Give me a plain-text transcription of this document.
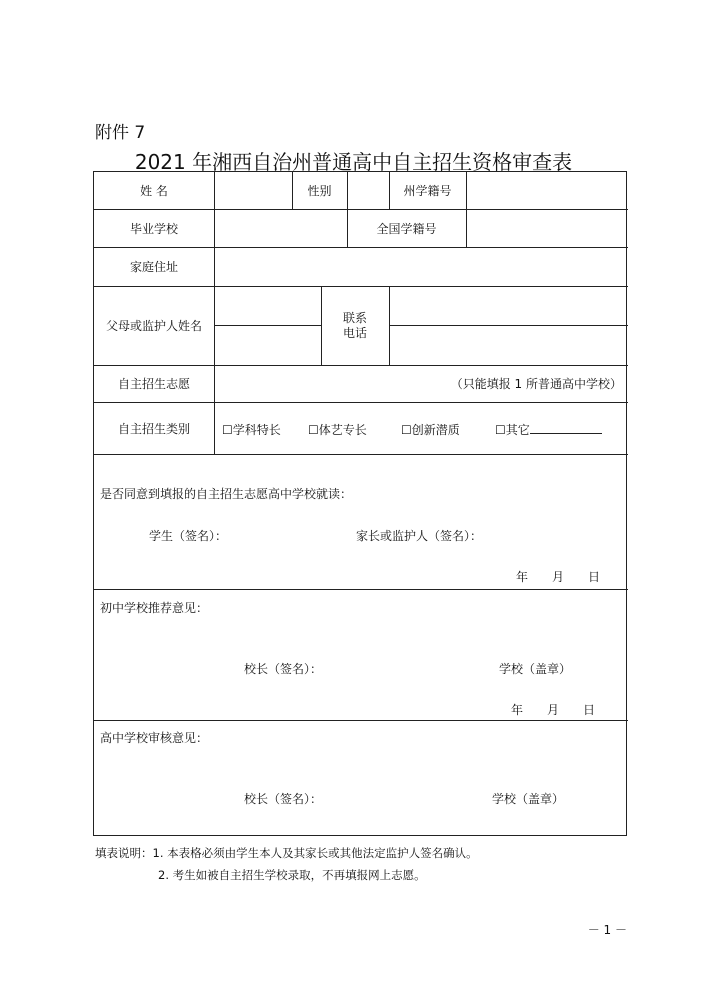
附件 7
2021 年湘西自治州普通高中自主招生资格审查表
姓 名	性别	州学籍号
毕业学校	全国学籍号
家庭住址
父母或监护人姓名
联系
电话
自主招生志愿	（只能填报 1 所普通高中学校）
自主招生类别	☐学科特长 ☐体艺专长	☐创新潜质	☐其它
是否同意到填报的自主招生志愿高中学校就读：
学生（签名）：	家长或监护人（签名）：
年　　月　　日
初中学校推荐意见：
校长（签名）：	学校（盖章）
年　　月　　日
高中学校审核意见：
校长（签名）：	学校（盖章）
填表说明：1. 本表格必须由学生本人及其家长或其他法定监护人签名确认。
2. 考生如被自主招生学校录取，不再填报网上志愿。
－ 1 －
